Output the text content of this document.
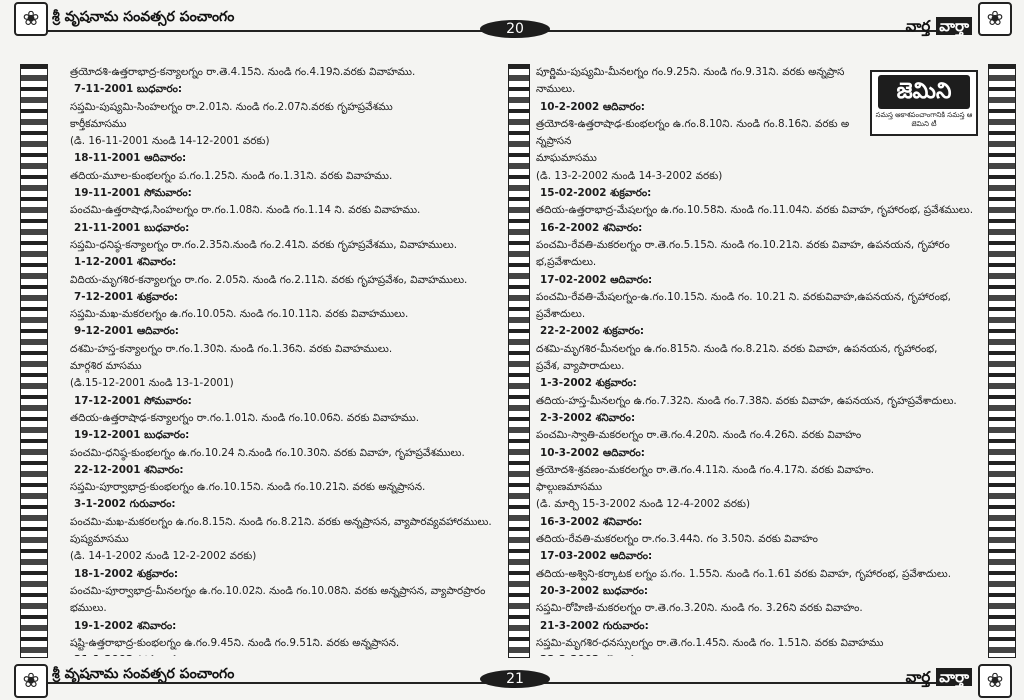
❀ శ్రీ వృషనామ సంవత్సర పంచాంగం
20	వార్త వార్తా ❀
త్రయోదశి-ఉత్తరాభాద్ర-కన్యాలగ్నం రా.తె.4.15ని. నుండి గం.4.19ని.వరకు వివాహము.
7-11-2001 బుధవారం:
సప్తమి-పుష్యమి-సింహలగ్నం రా.2.01ని. నుండి గం.2.07ని.వరకు గృహప్రవేశము
కార్తీకమాసము
(డి. 16-11-2001 నుండి 14-12-2001 వరకు)
18-11-2001 ఆదివారం:
తదియ-మూల-కుంభలగ్నం ప.గం.1.25ని. నుండి గం.1.31ని. వరకు వివాహము.
19-11-2001 సోమవారం:
పంచమి-ఉత్తరాషాఢ,సింహలగ్నం రా.గం.1.08ని. నుండి గం.1.14 ని. వరకు వివాహము.
21-11-2001 బుధవారం:
సప్తమి-ధనిష్ఠ-కన్యాలగ్నం రా.గం.2.35ని.నుండి గం.2.41ని. వరకు గృహప్రవేశము, వివాహములు.
1-12-2001 శనివారం:
విదియ-మృగశిర-కన్యాలగ్నం రా.గం. 2.05ని. నుండి గం.2.11ని. వరకు గృహప్రవేశం, వివాహములు.
7-12-2001 శుక్రవారం:
సప్తమి-మఖ-మకరలగ్నం ఉ.గం.10.05ని. నుండి గం.10.11ని. వరకు వివాహములు.
9-12-2001 ఆదివారం:
దశమి-హస్త-కన్యాలగ్నం రా.గం.1.30ని. నుండి గం.1.36ని. వరకు వివాహములు.
మార్గశిర మాసము
(డి.15-12-2001 నుండి 13-1-2001)
17-12-2001 సోమవారం:
తదియ-ఉత్తరాషాఢ-కన్యాలగ్నం రా.గం.1.01ని. నుండి గం.10.06ని. వరకు వివాహము.
19-12-2001 బుధవారం:
పంచమి-ధనిష్ఠ-కుంభలగ్నం ఉ.గం.10.24 ని.నుండి గం.10.30ని. వరకు వివాహ, గృహప్రవేశములు.
22-12-2001 శనివారం:
సప్తమి-పూర్వాభాద్ర-కుంభలగ్నం ఉ.గం.10.15ని. నుండి గం.10.21ని. వరకు అన్నప్రాసన.
3-1-2002 గురువారం:
పంచమి-మఖ-మకరలగ్నం ఉ.గం.8.15ని. నుండి గం.8.21ని. వరకు అన్నప్రాసన, వ్యాపారవ్యవహారములు.
పుష్యమాసము
(డి. 14-1-2002 నుండి 12-2-2002 వరకు)
18-1-2002 శుక్రవారం:
పంచమి-పూర్వాభాద్ర-మీనలగ్నం ఉ.గం.10.02ని. నుండి గం.10.08ని. వరకు అన్నప్రాసన, వ్యాపారప్రారం
భములు.
19-1-2002 శనివారం:
షష్టి-ఉత్తరాభాద్ర-కుంభలగ్నం ఉ.గం.9.45ని. నుండి గం.9.51ని. వరకు అన్నప్రాసన.
పూర్ణిమ-పుష్యమి-మీనలగ్నం గం.9.25ని. నుండి గం.9.31ని. వరకు అన్నప్రాస
నాములు.
10-2-2002 ఆదివారం:
త్రయోదశి-ఉత్తరాషాఢ-కుంభలగ్నం ఉ.గం.8.10ని. నుండి గం.8.16ని. వరకు అ
న్నప్రాసన
మాఘమాసము
(డి. 13-2-2002 నుండి 14-3-2002 వరకు)
15-02-2002 శుక్రవారం:
తదియ-ఉత్తరాభాద్ర-మేషలగ్నం ఉ.గం.10.58ని. నుండి గం.11.04ని. వరకు వివాహ, గృహారంభ, ప్రవేశములు.
16-2-2002 శనివారం:
పంచమి-రేవతి-మకరలగ్నం రా.తె.గం.5.15ని. నుండి గం.10.21ని. వరకు వివాహ, ఉపనయన, గృహారం
భ,ప్రవేశాదులు.
17-02-2002 ఆదివారం:
పంచమి-రేవతి-మేషలగ్నం-ఉ.గం.10.15ని. నుండి గం. 10.21 ని. వరకువివాహ,ఉపనయన, గృహారంభ,
ప్రవేశాదులు.
22-2-2002 శుక్రవారం:
దశమి-మృగశిర-మీనలగ్నం ఉ.గం.815ని. నుండి గం.8.21ని. వరకు వివాహ, ఉపనయన, గృహారంభ,
ప్రవేశ, వ్యాపారాదులు.
1-3-2002 శుక్రవారం:
తదియ-హస్త-మీనలగ్నం ఉ.గం.7.32ని. నుండి గం.7.38ని. వరకు వివాహ, ఉపనయన, గృహప్రవేశాదులు.
2-3-2002 శనివారం:
పంచమి-స్వాతి-మకరలగ్నం రా.తె.గం.4.20ని. నుండి గం.4.26ని. వరకు వివాహం
10-3-2002 ఆదివారం:
త్రయోదశి-శ్రవణం-మకరలగ్నం రా.తె.గం.4.11ని. నుండి గం.4.17ని. వరకు వివాహం.
ఫాల్గుణమాసము
(డి. మార్చి 15-3-2002 నుండి 12-4-2002 వరకు)
16-3-2002 శనివారం:
తదియ-రేవతి-మకరలగ్నం రా.గం.3.44ని. గం 3.50ని. వరకు వివాహం
17-03-2002 ఆదివారం:
తదియ-అశ్విని-కర్కాటక లగ్నం ప.గం. 1.55ని. నుండి గం.1.61 వరకు వివాహ, గృహారంభ, ప్రవేశాదులు.
20-3-2002 బుధవారం:
సప్తమి-రోహిణి-మకరలగ్నం రా.తె.గం.3.20ని. నుండి గం. 3.26ని వరకు వివాహం.
21-3-2002 గురువారం:
సప్తమి-మృగశిర-ధనస్సులగ్నం రా.తె.గం.1.45ని. నుండి గం. 1.51ని. వరకు వివాహము
జెమిని
సమస్త ఆకాశపంచాంగానికి సమస్త ఆ జెమిని టీ
❀ శ్రీ వృషనామ సంవత్సర పంచాంగం	21	వార్త వార్తా ❀
